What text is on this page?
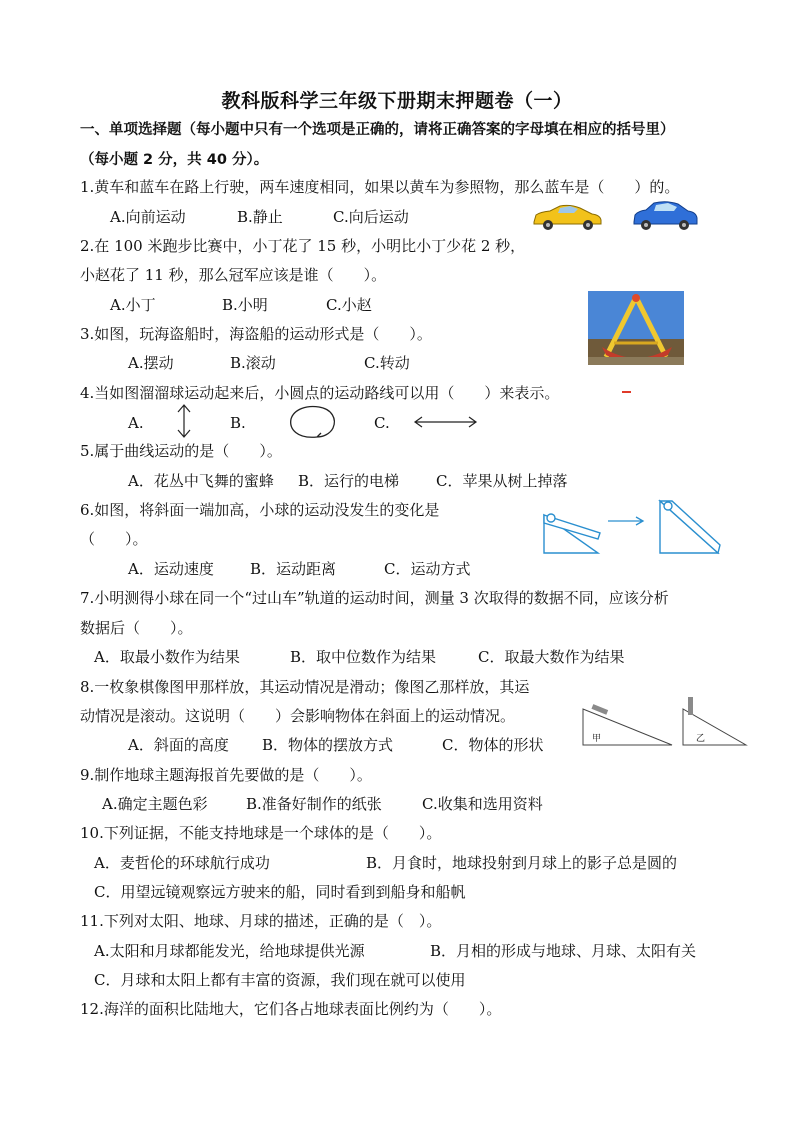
教科版科学三年级下册期末押题卷（一）
一、单项选择题（每小题中只有一个选项是正确的，请将正确答案的字母填在相应的括号里）
（每小题 2 分，共 40 分）。
1.黄车和蓝车在路上行驶，两车速度相同，如果以黄车为参照物，那么蓝车是（　　）的。
A.向前运动	B.静止	C.向后运动
2.在 100 米跑步比赛中，小丁花了 15 秒，小明比小丁少花 2 秒，
小赵花了 11 秒，那么冠军应该是谁（　　）。
A.小丁	B.小明	C.小赵
3.如图，玩海盗船时，海盗船的运动形式是（　　）。
A.摆动	B.滚动	C.转动
4.当如图溜溜球运动起来后，小圆点的运动路线可以用（　　）来表示。
A.	B.	C.
5.属于曲线运动的是（　　）。
A．花丛中飞舞的蜜蜂 B．运行的电梯 C．苹果从树上掉落
6.如图，将斜面一端加高，小球的运动没发生的变化是
（　　）。
A．运动速度 B．运动距离	C．运动方式
7.小明测得小球在同一个“过山车”轨道的运动时间，测量 3 次取得的数据不同，应该分析
数据后（　　）。
A．取最小数作为结果	B．取中位数作为结果	C．取最大数作为结果
8.一枚象棋像图甲那样放，其运动情况是滑动；像图乙那样放，其运
动情况是滚动。这说明（　　）会影响物体在斜面上的运动情况。
A．斜面的高度 B．物体的摆放方式	C．物体的形状	甲	乙
9.制作地球主题海报首先要做的是（　　）。
A.确定主题色彩	B.准备好制作的纸张	C.收集和选用资料
10.下列证据，不能支持地球是一个球体的是（　　）。
A．麦哲伦的环球航行成功	B．月食时，地球投射到月球上的影子总是圆的
C．用望远镜观察远方驶来的船，同时看到到船身和船帆
11.下列对太阳、地球、月球的描述，正确的是（　）。
A.太阳和月球都能发光，给地球提供光源	B．月相的形成与地球、月球、太阳有关
C．月球和太阳上都有丰富的资源，我们现在就可以使用
12.海洋的面积比陆地大，它们各占地球表面比例约为（　　）。
